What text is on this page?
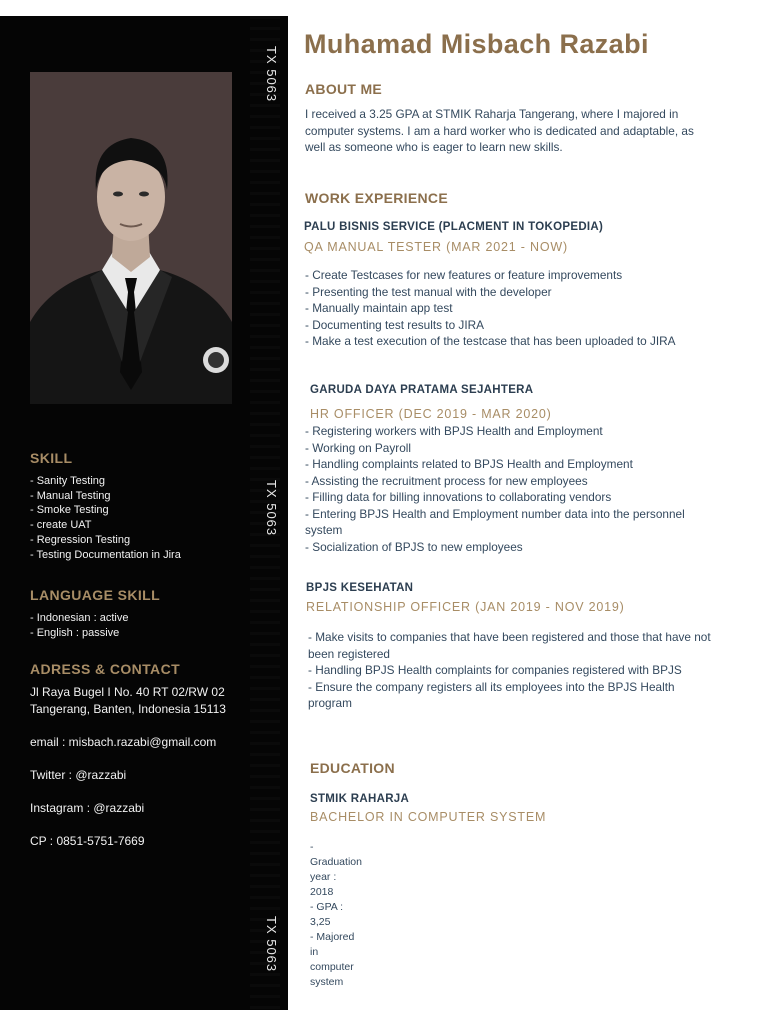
TX 5063
TX 5063
TX 5063
SKILL
- Sanity Testing
- Manual Testing
- Smoke Testing
- create UAT
- Regression Testing
- Testing Documentation in Jira
LANGUAGE SKILL
- Indonesian : active
- English : passive
ADRESS & CONTACT
Jl Raya Bugel I No. 40 RT 02/RW 02
Tangerang, Banten, Indonesia 15113
email : misbach.razabi@gmail.com
Twitter : @razzabi
Instagram : @razzabi
CP : 0851-5751-7669
Muhamad Misbach Razabi
ABOUT ME

I received a 3.25 GPA at STMIK Raharja Tangerang, where I majored in computer systems. I am a hard worker who is dedicated and adaptable, as well as someone who is eager to learn new skills.

WORK EXPERIENCE
PALU BISNIS SERVICE (PLACMENT IN TOKOPEDIA)
QA MANUAL TESTER (MAR 2021 - NOW)
- Create Testcases for new features or feature improvements
- Presenting the test manual with the developer
- Manually maintain app test
- Documenting test results to JIRA
- Make a test execution of the testcase that has been uploaded to JIRA
GARUDA DAYA PRATAMA SEJAHTERA
HR OFFICER (DEC 2019 - MAR 2020)
- Registering workers with BPJS Health and Employment
- Working on Payroll
- Handling complaints related to BPJS Health and Employment
- Assisting the recruitment process for new employees
- Filling data for billing innovations to collaborating vendors
- Entering BPJS Health and Employment number data into the personnel system
- Socialization of BPJS to new employees
BPJS KESEHATAN
RELATIONSHIP OFFICER (JAN 2019 - NOV 2019)
- Make visits to companies that have been registered and those that have not been registered
- Handling BPJS Health complaints for companies registered with BPJS
- Ensure the company registers all its employees into the BPJS Health program
EDUCATION
STMIK RAHARJA
BACHELOR IN COMPUTER SYSTEM
- Graduation year : 2018
- GPA : 3,25
- Majored in computer system
